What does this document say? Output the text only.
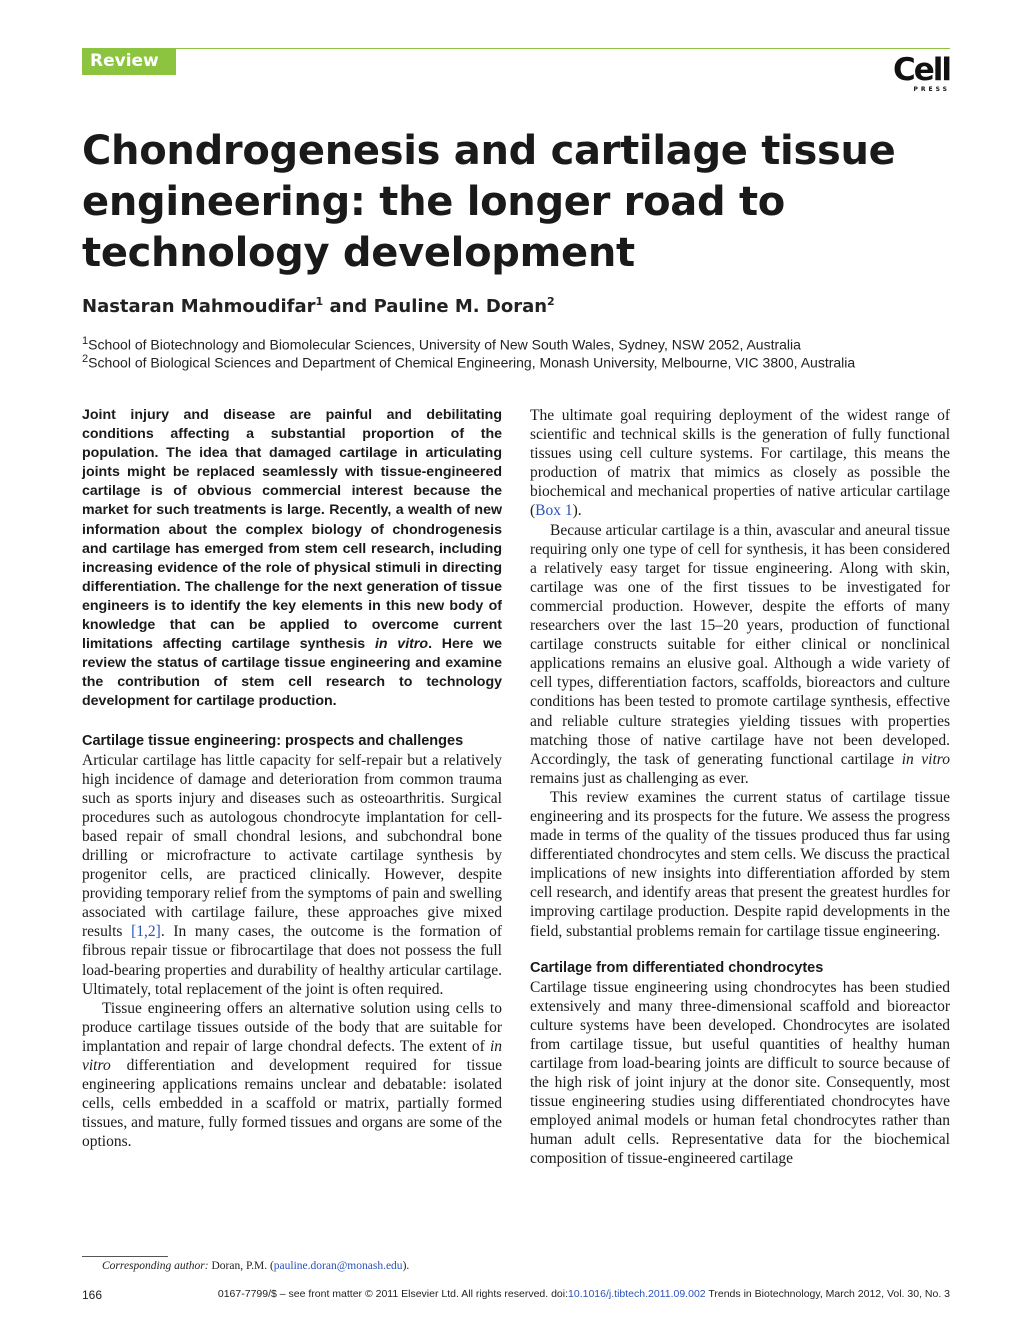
Review	Cell
PRESS
Chondrogenesis and cartilage tissue engineering: the longer road to technology development
Nastaran Mahmoudifar$^1$ and Pauline M. Doran$^2$
$^1$School of Biotechnology and Biomolecular Sciences, University of New South Wales, Sydney, NSW 2052, Australia
$^2$School of Biological Sciences and Department of Chemical Engineering, Monash University, Melbourne, VIC 3800, Australia

Joint injury and disease are painful and debilitating conditions affecting a substantial proportion of the population. The idea that damaged cartilage in articulating joints might be replaced seamlessly with tissue-engineered cartilage is of obvious commercial interest because the market for such treatments is large. Recently, a wealth of new information about the complex biology of chondrogenesis and cartilage has emerged from stem cell research, including increasing evidence of the role of physical stimuli in directing differentiation. The challenge for the next generation of tissue engineers is to identify the key elements in this new body of knowledge that can be applied to overcome current limitations affecting cartilage synthesis in vitro. Here we review the status of cartilage tissue engineering and examine the contribution of stem cell research to technology development for cartilage production.

Cartilage tissue engineering: prospects and challenges

Articular cartilage has little capacity for self-repair but a relatively high incidence of damage and deterioration from common trauma such as sports injury and diseases such as osteoarthritis. Surgical procedures such as autologous chondrocyte implantation for cell-based repair of small chondral lesions, and subchondral bone drilling or microfracture to activate cartilage synthesis by progenitor cells, are practiced clinically. However, despite providing temporary relief from the symptoms of pain and swelling associated with cartilage failure, these approaches give mixed results [1,2]. In many cases, the outcome is the formation of fibrous repair tissue or fibrocartilage that does not possess the full load-bearing properties and durability of healthy articular cartilage. Ultimately, total replacement of the joint is often required.

Tissue engineering offers an alternative solution using cells to produce cartilage tissues outside of the body that are suitable for implantation and repair of large chondral defects. The extent of in vitro differentiation and development required for tissue engineering applications remains unclear and debatable: isolated cells, cells embedded in a scaffold or matrix, partially formed tissues, and mature, fully formed tissues and organs are some of the options.

The ultimate goal requiring deployment of the widest range of scientific and technical skills is the generation of fully functional tissues using cell culture systems. For cartilage, this means the production of matrix that mimics as closely as possible the biochemical and mechanical properties of native articular cartilage (Box 1).

Because articular cartilage is a thin, avascular and aneural tissue requiring only one type of cell for synthesis, it has been considered a relatively easy target for tissue engineering. Along with skin, cartilage was one of the first tissues to be investigated for commercial production. However, despite the efforts of many researchers over the last 15–20 years, production of functional cartilage constructs suitable for either clinical or nonclinical applications remains an elusive goal. Although a wide variety of cell types, differentiation factors, scaffolds, bioreactors and culture conditions has been tested to promote cartilage synthesis, effective and reliable culture strategies yielding tissues with properties matching those of native cartilage have not been developed. Accordingly, the task of generating functional cartilage in vitro remains just as challenging as ever.

This review examines the current status of cartilage tissue engineering and its prospects for the future. We assess the progress made in terms of the quality of the tissues produced thus far using differentiated chondrocytes and stem cells. We discuss the practical implications of new insights into differentiation afforded by stem cell research, and identify areas that present the greatest hurdles for improving cartilage production. Despite rapid developments in the field, substantial problems remain for cartilage tissue engineering.

Cartilage from differentiated chondrocytes

Cartilage tissue engineering using chondrocytes has been studied extensively and many three-dimensional scaffold and bioreactor culture systems have been developed. Chondrocytes are isolated from cartilage tissue, but useful quantities of healthy human cartilage from load-bearing joints are difficult to source because of the high risk of joint injury at the donor site. Consequently, most tissue engineering studies using differentiated chondrocytes have employed animal models or human fetal chondrocytes rather than human adult cells. Representative data for the biochemical composition of tissue-engineered cartilage

Corresponding author: Doran, P.M. (pauline.doran@monash.edu).
166	0167-7799/$ – see front matter © 2011 Elsevier Ltd. All rights reserved. doi:10.1016/j.tibtech.2011.09.002 Trends in Biotechnology, March 2012, Vol. 30, No. 3
